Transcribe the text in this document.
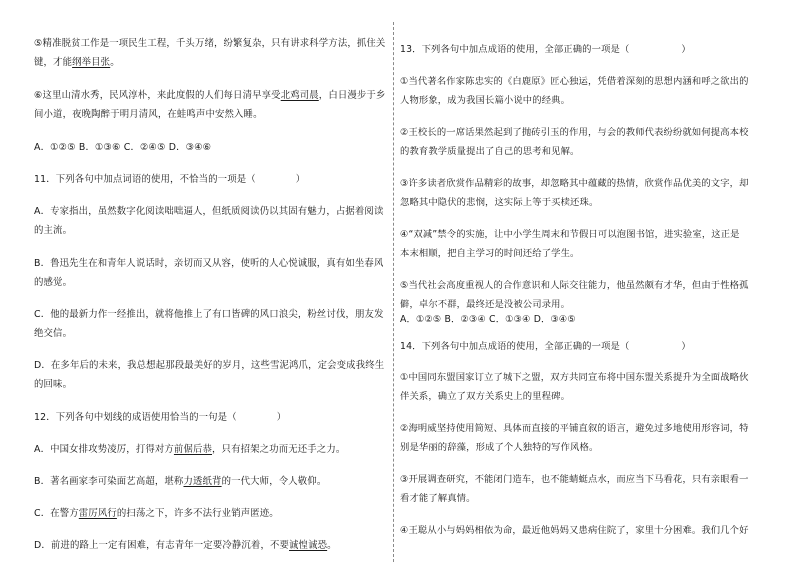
⑤精准脱贫工作是一项民生工程，千头万绪，纷繁复杂，只有讲求科学方法，抓住关
键，才能纲举目张。
⑥这里山清水秀，民风淳朴，来此度假的人们每日清早享受北鸡司晨，白日漫步于乡
间小道，夜晚陶醉于明月清风，在蛙鸣声中安然入睡。
A．①②⑤ B．①③⑥ C．②④⑤ D．③④⑥
11．下列各句中加点词语的使用，不恰当的一项是（	）
A．专家指出，虽然数字化阅读咄咄逼人，但纸质阅读仍以其固有魅力，占据着阅读
的主流。
B．鲁迅先生在和青年人说话时，亲切而又从容，使听的人心悦诚服，真有如坐春风
的感觉。
C．他的最新力作一经推出，就将他推上了有口皆碑的风口浪尖，粉丝讨伐，朋友发
绝交信。
D．在多年后的未来，我总想起那段最美好的岁月，这些雪泥鸿爪，定会变成我终生
的回味。
12．下列各句中划线的成语使用恰当的一句是（	）
A．中国女排攻势凌厉，打得对方前倨后恭，只有招架之功而无还手之力。
B．著名画家李可染面艺高超，堪称力透纸背的一代大师，令人敬仰。
C．在警方雷厉风行的扫荡之下，许多不法行业销声匿迹。
D．前进的路上一定有困难，有志青年一定要冷静沉着，不要诚惶诚恐。
13．下列各句中加点成语的使用，全部正确的一项是（	）
①当代著名作家陈忠实的《白鹿原》匠心独运，凭借着深刻的思想内涵和呼之欲出的
人物形象，成为我国长篇小说中的经典。
②王校长的一席话果然起到了抛砖引玉的作用，与会的教师代表纷纷就如何提高本校
的教育教学质量提出了自己的思考和见解。
③许多读者欣赏作品精彩的故事，却忽略其中蕴藏的热情，欣赏作品优美的文字，却
忽略其中隐伏的悲悯，这实际上等于买椟还珠。
④“双减”禁令的实施，让中小学生周末和节假日可以泡图书馆，进实验室，这正是
本末相顺，把自主学习的时间还给了学生。
⑤当代社会高度重视人的合作意识和人际交往能力，他虽然颇有才华，但由于性格孤
僻，卓尔不群，最终还是没被公司录用。
A．①②⑤ B．②③④ C．①③④ D．③④⑤
14．下列各句中加点成语的使用，全部正确的一项是（	）
①中国同东盟国家订立了城下之盟，双方共同宣布将中国东盟关系提升为全面战略伙
伴关系，确立了双方关系史上的里程碑。
②海明威坚持使用简短、具体而直接的平铺直叙的语言，避免过多地使用形容词，特
别是华丽的辞藻，形成了个人独特的写作风格。
③开展调查研究，不能闭门造车，也不能蜻蜓点水，而应当下马看花，只有亲眼看一
看才能了解真情。
④王聪从小与妈妈相依为命，最近他妈妈又患病住院了，家里十分困难。我们几个好
